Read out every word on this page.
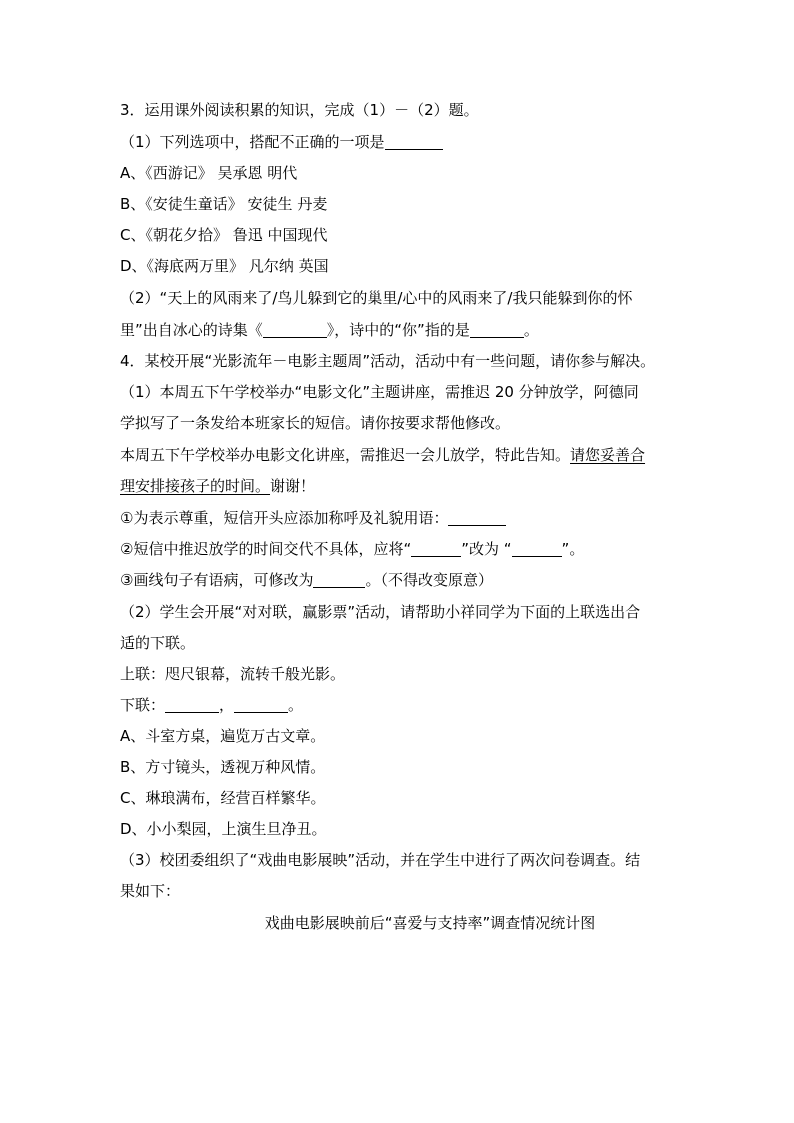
3．运用课外阅读积累的知识，完成（1）－（2）题。
（1）下列选项中，搭配不正确的一项是
A、《西游记》 吴承恩 明代
B、《安徒生童话》 安徒生 丹麦
C、《朝花夕拾》 鲁迅 中国现代
D、《海底两万里》 凡尔纳 英国
（2）“天上的风雨来了/鸟儿躲到它的巢里/心中的风雨来了/我只能躲到你的怀
里”出自冰心的诗集《	》，诗中的“你”指的是	。
4．某校开展“光影流年－电影主题周”活动，活动中有一些问题，请你参与解决。
（1）本周五下午学校举办“电影文化”主题讲座，需推迟 20 分钟放学，阿德同
学拟写了一条发给本班家长的短信。请你按要求帮他修改。
本周五下午学校举办电影文化讲座，需推迟一会儿放学，特此告知。请您妥善合
理安排接孩子的时间。谢谢！
①为表示尊重，短信开头应添加称呼及礼貌用语：
②短信中推迟放学的时间交代不具体，应将“	”改为 “	”。
③画线句子有语病，可修改为	。（不得改变原意）
（2）学生会开展“对对联，赢影票”活动，请帮助小祥同学为下面的上联选出合
适的下联。
上联：咫尺银幕，流转千般光影。
下联：	，	。
A、斗室方桌，遍览万古文章。
B、方寸镜头，透视万种风情。
C、琳琅满布，经营百样繁华。
D、小小梨园，上演生旦净丑。
（3）校团委组织了“戏曲电影展映”活动，并在学生中进行了两次问卷调查。结
果如下：
戏曲电影展映前后“喜爱与支持率”调查情况统计图
